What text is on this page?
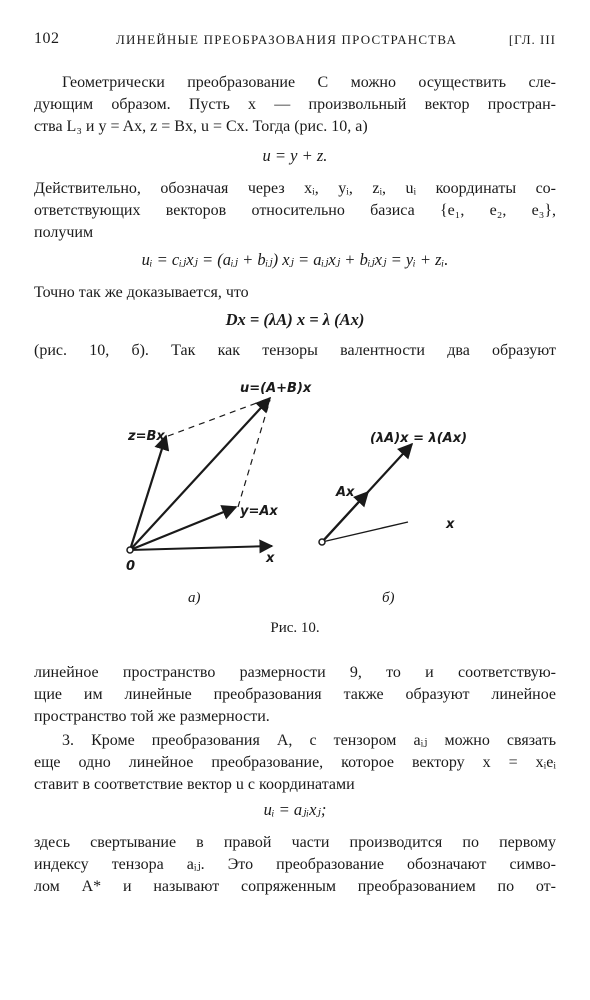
102	ЛИНЕЙНЫЕ ПРЕОБРАЗОВАНИЯ ПРОСТРАНСТВА	[ГЛ. III
Геометрически преобразование C можно осуществить сле-
дующим образом. Пусть x — произвольный вектор простран-
ства L₃ и y = Ax, z = Bx, u = Cx. Тогда (рис. 10, а)
u = y + z.
Действительно, обозначая через xᵢ, yᵢ, zᵢ, uᵢ координаты со-
ответствующих векторов относительно базиса {e₁, e₂, e₃},
получим
uᵢ = cᵢⱼxⱼ = (aᵢⱼ + bᵢⱼ) xⱼ = aᵢⱼxⱼ + bᵢⱼxⱼ = yᵢ + zᵢ.
Точно так же доказывается, что
Dx = (λA) x = λ (Ax)
(рис. 10, б). Так как тензоры валентности два образуют
u=(A+B)x
z=Bx
y=Ax
x
0
(λA)x = λ(Ax)
Ax
x
а)	б)
Рис. 10.
линейное пространство размерности 9, то и соответствую-
щие им линейные преобразования также образуют линейное
пространство той же размерности.
3. Кроме преобразования A, с тензором aᵢⱼ можно связать
еще одно линейное преобразование, которое вектору x = xᵢeᵢ
ставит в соответствие вектор u с координатами
uᵢ = aⱼᵢxⱼ;
здесь свертывание в правой части производится по первому
индексу тензора aᵢⱼ. Это преобразование обозначают симво-
лом A* и называют сопряженным преобразованием по от-
